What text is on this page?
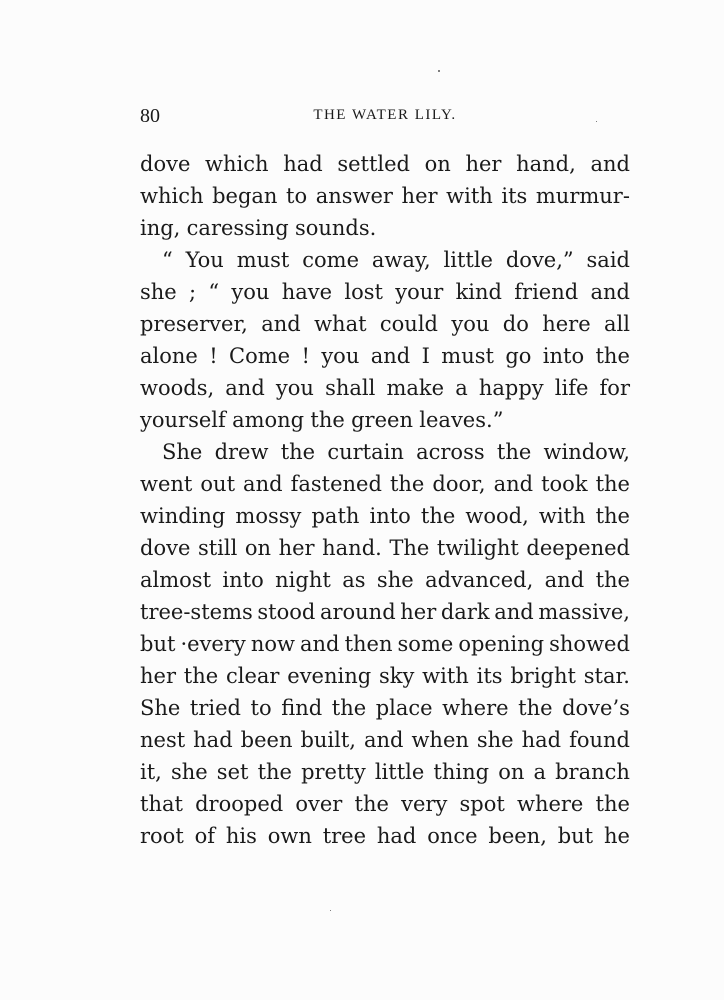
80	THE WATER LILY.
dove which had settled on her hand, and
which began to answer her with its murmur-
ing, caressing sounds.
“ You must come away, little dove,” said
she ; “ you have lost your kind friend and
preserver, and what could you do here all
alone ! Come ! you and I must go into the
woods, and you shall make a happy life for
yourself among the green leaves.”
She drew the curtain across the window,
went out and fastened the door, and took the
winding mossy path into the wood, with the
dove still on her hand. The twilight deepened
almost into night as she advanced, and the
tree-stems stood around her dark and massive,
but ·every now and then some opening showed
her the clear evening sky with its bright star.
She tried to find the place where the dove’s
nest had been built, and when she had found
it, she set the pretty little thing on a branch
that drooped over the very spot where the
root of his own tree had once been, but he
